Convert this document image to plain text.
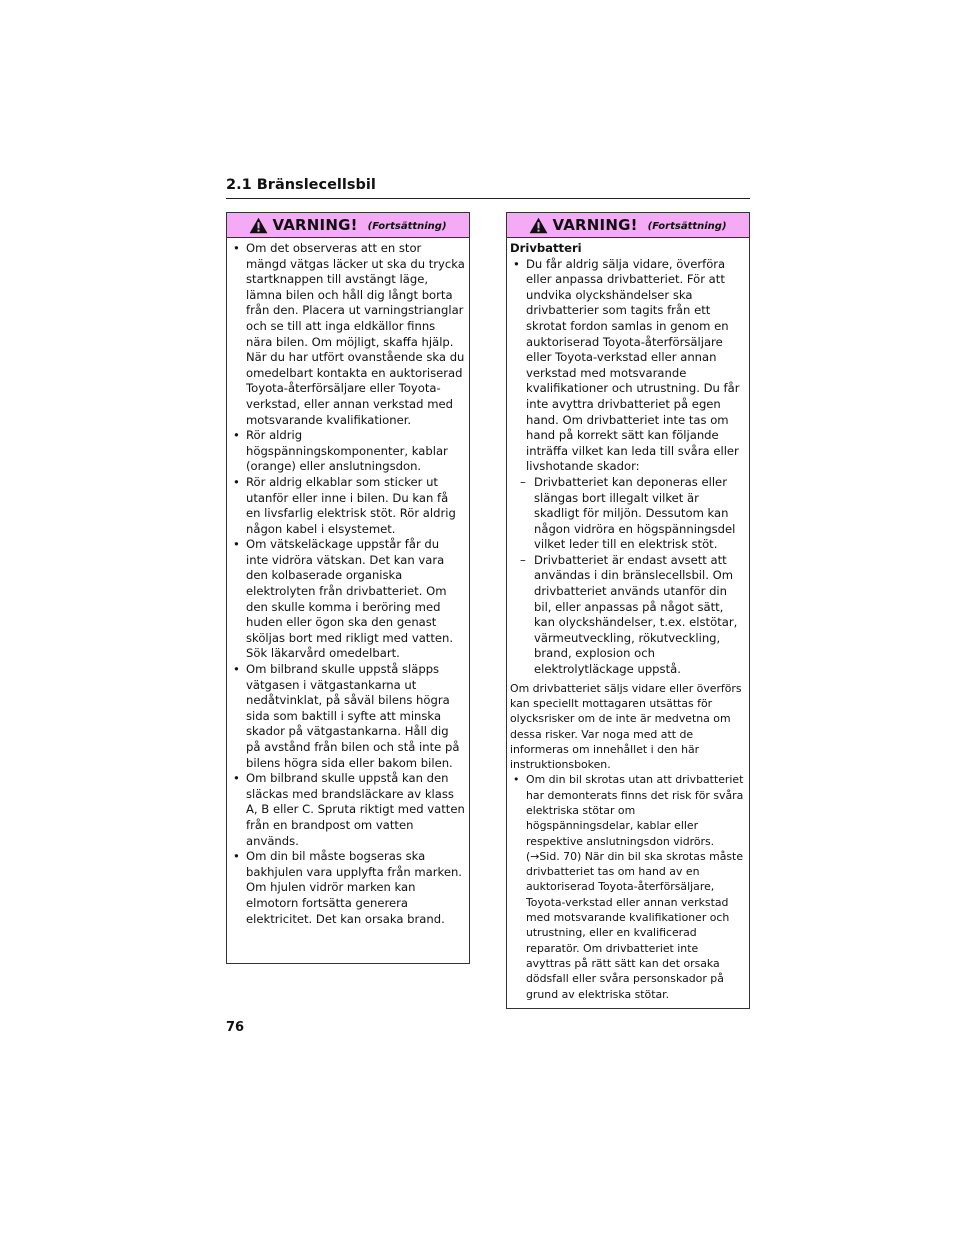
2.1 Bränslecellsbil
VARNING! (Fortsättning)

• Om det observeras att en stor mängd vätgas läcker ut ska du trycka startknappen till avstängt läge, lämna bilen och håll dig långt borta från den. Placera ut varningstrianglar och se till att inga eldkällor finns nära bilen. Om möjligt, skaffa hjälp. När du har utfört ovanstående ska du omedelbart kontakta en auktoriserad Toyota-återförsäljare eller Toyota-verkstad, eller annan verkstad med motsvarande kvalifikationer.

• Rör aldrig högspänningskomponenter, kablar (orange) eller anslutningsdon.

• Rör aldrig elkablar som sticker ut utanför eller inne i bilen. Du kan få en livsfarlig elektrisk stöt. Rör aldrig någon kabel i elsystemet.

• Om vätskeläckage uppstår får du inte vidröra vätskan. Det kan vara den kolbaserade organiska elektrolyten från drivbatteriet. Om den skulle komma i beröring med huden eller ögon ska den genast sköljas bort med rikligt med vatten. Sök läkarvård omedelbart.

• Om bilbrand skulle uppstå släpps vätgasen i vätgastankarna ut nedåtvinklat, på såväl bilens högra sida som baktill i syfte att minska skador på vätgastankarna. Håll dig på avstånd från bilen och stå inte på bilens högra sida eller bakom bilen.

• Om bilbrand skulle uppstå kan den släckas med brandsläckare av klass A, B eller C. Spruta riktigt med vatten från en brandpost om vatten används.

• Om din bil måste bogseras ska bakhjulen vara upplyfta från marken. Om hjulen vidrör marken kan elmotorn fortsätta generera elektricitet. Det kan orsaka brand.

VARNING! (Fortsättning)

Drivbatteri

• Du får aldrig sälja vidare, överföra eller anpassa drivbatteriet. För att undvika olyckshändelser ska drivbatterier som tagits från ett skrotat fordon samlas in genom en auktoriserad Toyota-återförsäljare eller Toyota-verkstad eller annan verkstad med motsvarande kvalifikationer och utrustning. Du får inte avyttra drivbatteriet på egen hand. Om drivbatteriet inte tas om hand på korrekt sätt kan följande inträffa vilket kan leda till svåra eller livshotande skador:

– Drivbatteriet kan deponeras eller slängas bort illegalt vilket är skadligt för miljön. Dessutom kan någon vidröra en högspänningsdel vilket leder till en elektrisk stöt.

– Drivbatteriet är endast avsett att användas i din bränslecellsbil. Om drivbatteriet används utanför din bil, eller anpassas på något sätt, kan olyckshändelser, t.ex. elstötar, värmeutveckling, rökutveckling, brand, explosion och elektrolytläckage uppstå.

Om drivbatteriet säljs vidare eller överförs kan speciellt mottagaren utsättas för olycksrisker om de inte är medvetna om dessa risker. Var noga med att de informeras om innehållet i den här instruktionsboken.

• Om din bil skrotas utan att drivbatteriet har demonterats finns det risk för svåra elektriska stötar om högspänningsdelar, kablar eller respektive anslutningsdon vidrörs. (→Sid. 70) När din bil ska skrotas måste drivbatteriet tas om hand av en auktoriserad Toyota-återförsäljare, Toyota-verkstad eller annan verkstad med motsvarande kvalifikationer och utrustning, eller en kvalificerad reparatör. Om drivbatteriet inte avyttras på rätt sätt kan det orsaka dödsfall eller svåra personskador på grund av elektriska stötar.

76
